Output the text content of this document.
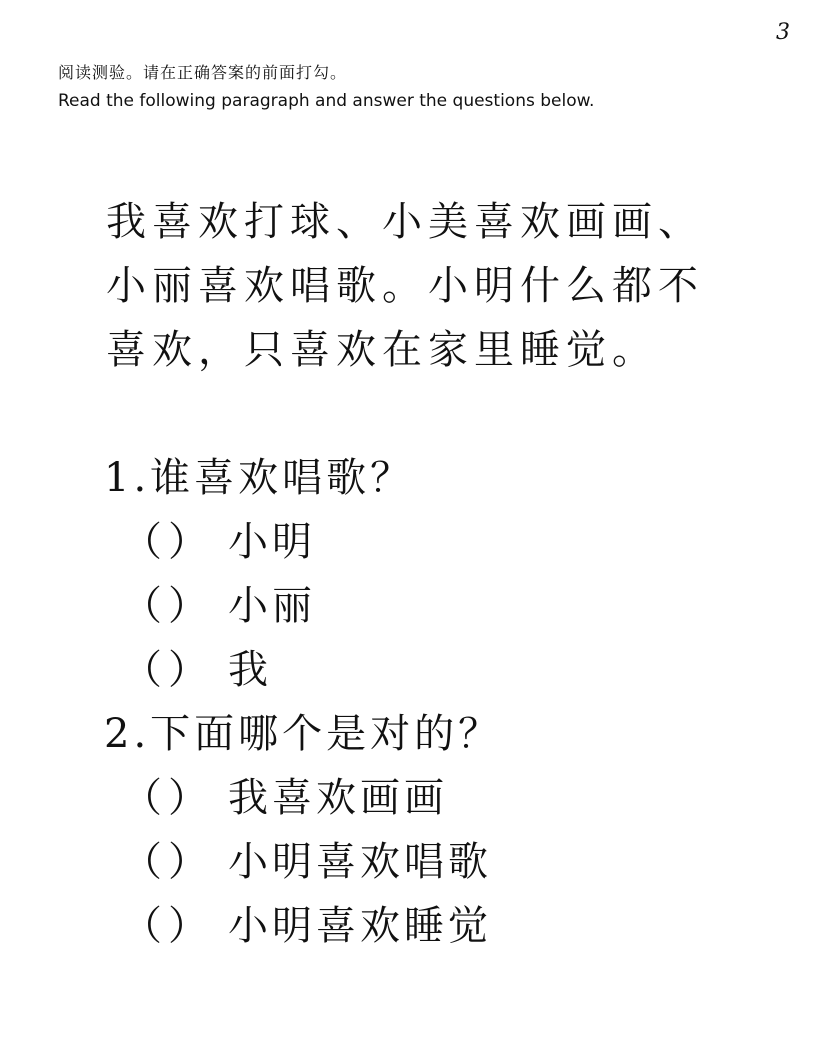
3
阅读测验。请在正确答案的前面打勾。
Read the following paragraph and answer the questions below.
我喜欢打球、小美喜欢画画、
小丽喜欢唱歌。小明什么都不
喜欢，只喜欢在家里睡觉。
1.谁喜欢唱歌？
（ ） 小明
（ ） 小丽
（ ） 我
2.下面哪个是对的？
（ ） 我喜欢画画
（ ） 小明喜欢唱歌
（ ） 小明喜欢睡觉
